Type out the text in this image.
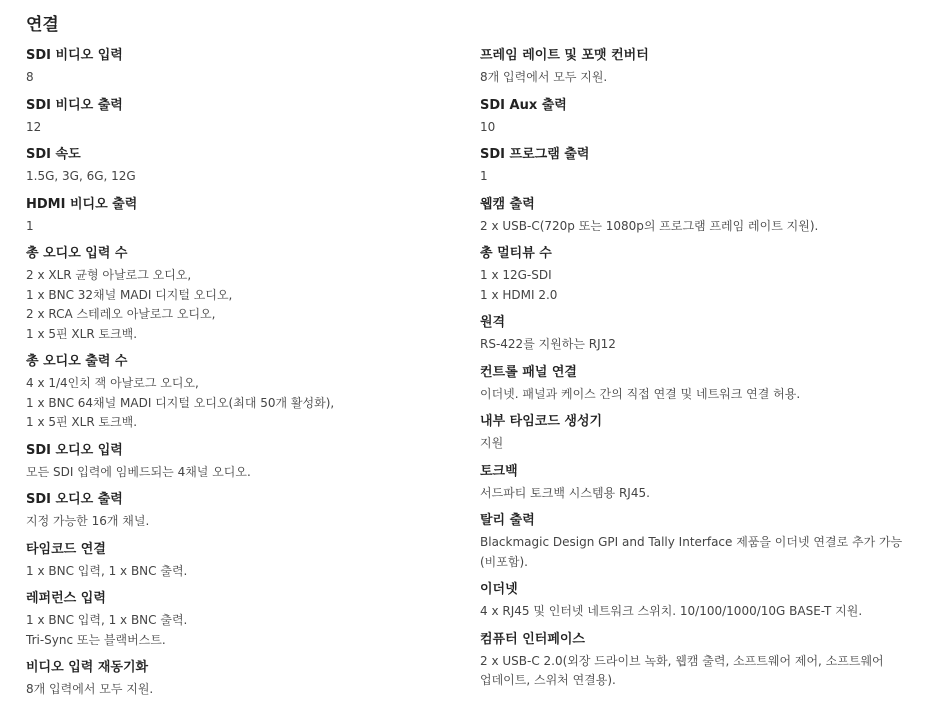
연결
SDI 비디오 입력
8
SDI 비디오 출력
12
SDI 속도
1.5G, 3G, 6G, 12G
HDMI 비디오 출력
1
총 오디오 입력 수
2 x XLR 균형 아날로그 오디오,
1 x BNC 32채널 MADI 디지털 오디오,
2 x RCA 스테레오 아날로그 오디오,
1 x 5핀 XLR 토크백.
총 오디오 출력 수
4 x 1/4인치 잭 아날로그 오디오,
1 x BNC 64채널 MADI 디지털 오디오(최대 50개 활성화),
1 x 5핀 XLR 토크백.
SDI 오디오 입력
모든 SDI 입력에 임베드되는 4채널 오디오.
SDI 오디오 출력
지정 가능한 16개 채널.
타임코드 연결
1 x BNC 입력, 1 x BNC 출력.
레퍼런스 입력
1 x BNC 입력, 1 x BNC 출력.
Tri-Sync 또는 블랙버스트.
비디오 입력 재동기화
8개 입력에서 모두 지원.
프레임 레이트 및 포맷 컨버터
8개 입력에서 모두 지원.
SDI Aux 출력
10
SDI 프로그램 출력
1
웹캠 출력
2 x USB-C(720p 또는 1080p의 프로그램 프레임 레이트 지원).
총 멀티뷰 수
1 x 12G-SDI
1 x HDMI 2.0
원격
RS-422를 지원하는 RJ12
컨트롤 패널 연결
이더넷. 패널과 케이스 간의 직접 연결 및 네트워크 연결 허용.
내부 타임코드 생성기
지원
토크백
서드파티 토크백 시스템용 RJ45.
탈리 출력
Blackmagic Design GPI and Tally Interface 제품을 이더넷 연결로 추가 가능
(비포함).
이더넷
4 x RJ45 및 인터넷 네트워크 스위치. 10/100/1000/10G BASE-T 지원.
컴퓨터 인터페이스
2 x USB-C 2.0(외장 드라이브 녹화, 웹캠 출력, 소프트웨어 제어, 소프트웨어
업데이트, 스위처 연결용).
